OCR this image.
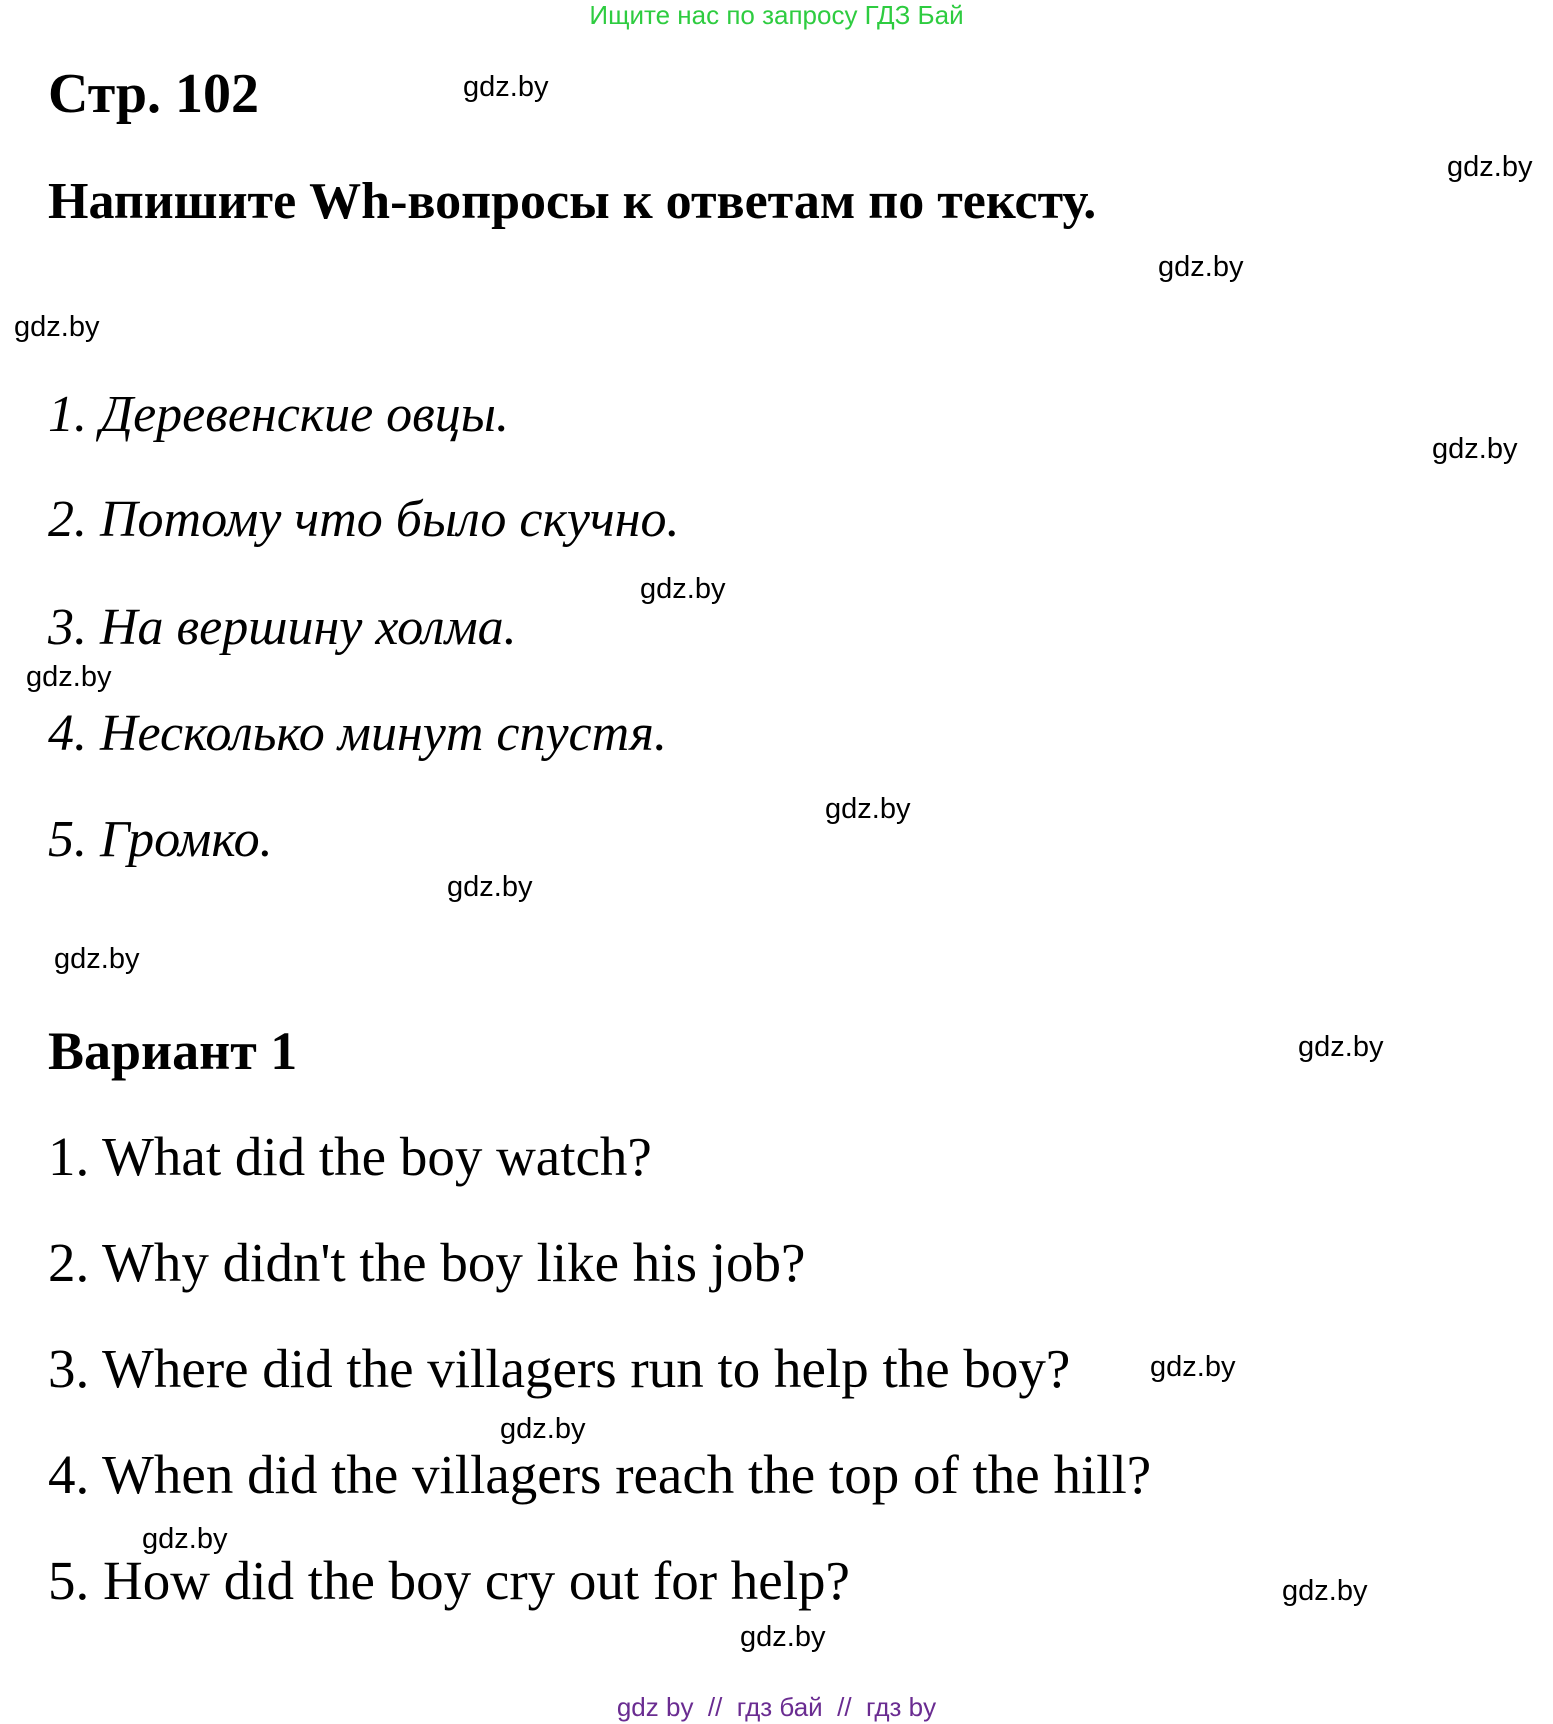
Ищите нас по запросу ГДЗ Бай
Стр. 102
Напишите Wh-вопросы к ответам по тексту.
1. Деревенские овцы.
2. Потому что было скучно.
3. На вершину холма.
4. Несколько минут спустя.
5. Громко.
Вариант 1
1. What did the boy watch?
2. Why didn't the boy like his job?
3. Where did the villagers run to help the boy?
4. When did the villagers reach the top of the hill?
5. How did the boy cry out for help?
gdz.by
gdz.by
gdz.by
gdz.by
gdz.by
gdz.by
gdz.by
gdz.by
gdz.by
gdz.by
gdz.by
gdz.by
gdz.by
gdz.by
gdz.by
gdz.by
gdz by  //  гдз бай  //  гдз by
